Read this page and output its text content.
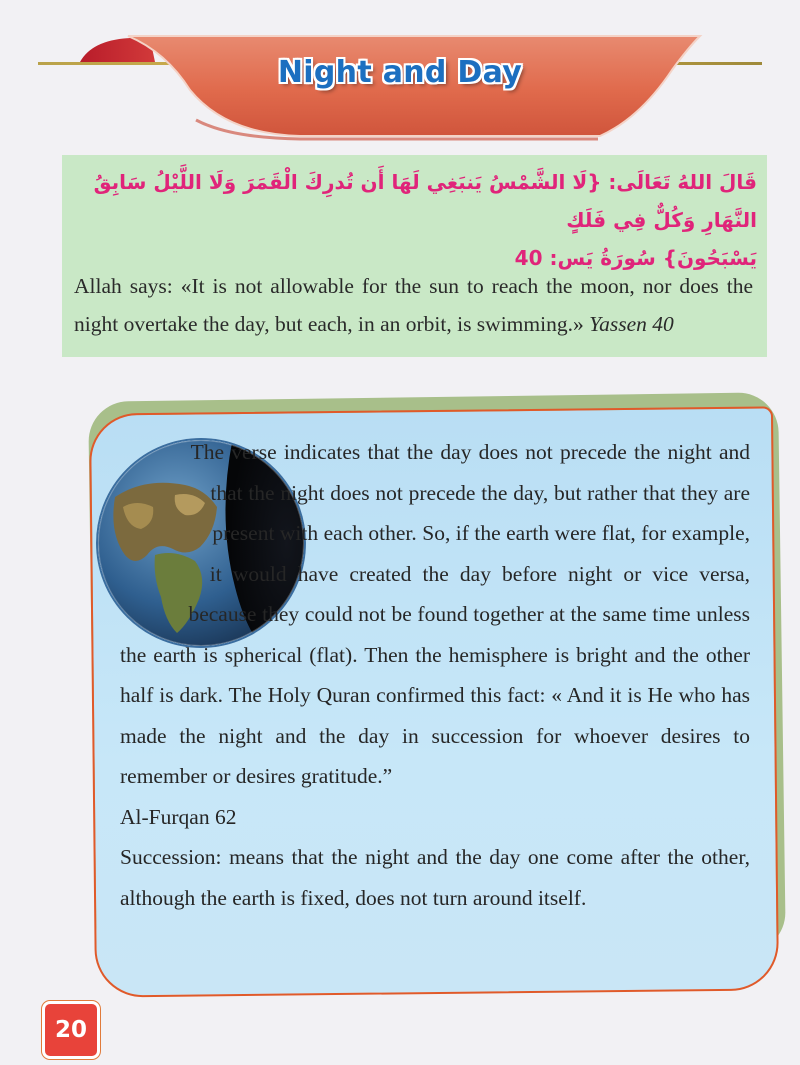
Night and Day
قَالَ اللهُ تَعَالَى: {لَا الشَّمْسُ يَنبَغِي لَهَا أَن تُدرِكَ الْقَمَرَ وَلَا اللَّيْلُ سَابِقُ النَّهَارِ وَكُلٌّ فِي فَلَكٍ
يَسْبَحُونَ} سُورَةُ يَس: 40
Allah says: «It is not allowable for the sun to reach the moon, nor does the night overtake the day, but each, in an orbit, is swimming.» Yassen 40

The verse indicates that the day does not precede the night and that the night does not precede the day, but rather that they are present with each other. So, if the earth were flat, for example, it would have created the day before night or vice versa, because they could not be found together at the same time unless the earth is spherical (flat). Then the hemisphere is bright and the other half is dark. The Holy Quran confirmed this fact: « And it is He who has made the night and the day in succession for whoever desires to remember or desires gratitude.”

Al-Furqan 62

Succession: means that the night and the day one come after the other, although the earth is fixed, does not turn around itself.

20
